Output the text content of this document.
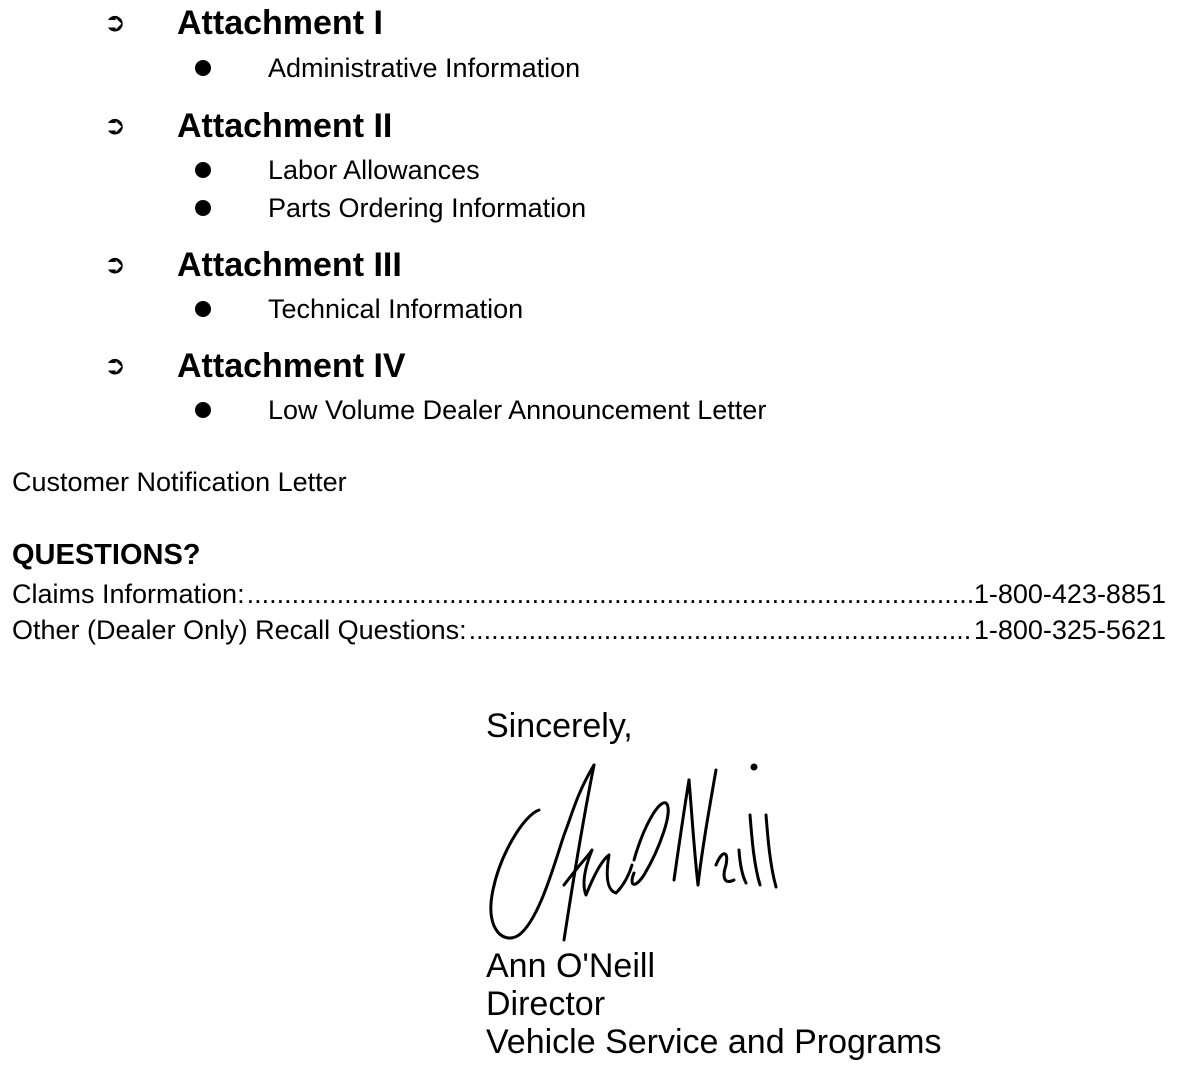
➲ Attachment I
Administrative Information
➲ Attachment II
Labor Allowances
Parts Ordering Information
➲ Attachment III
Technical Information
➲ Attachment IV
Low Volume Dealer Announcement Letter
Customer Notification Letter
QUESTIONS?
Claims Information: .....	1-800-423-8851
Other (Dealer Only) Recall Questions: .....	1-800-325-5621
Sincerely,
Ann O'Neill
Director
Vehicle Service and Programs
